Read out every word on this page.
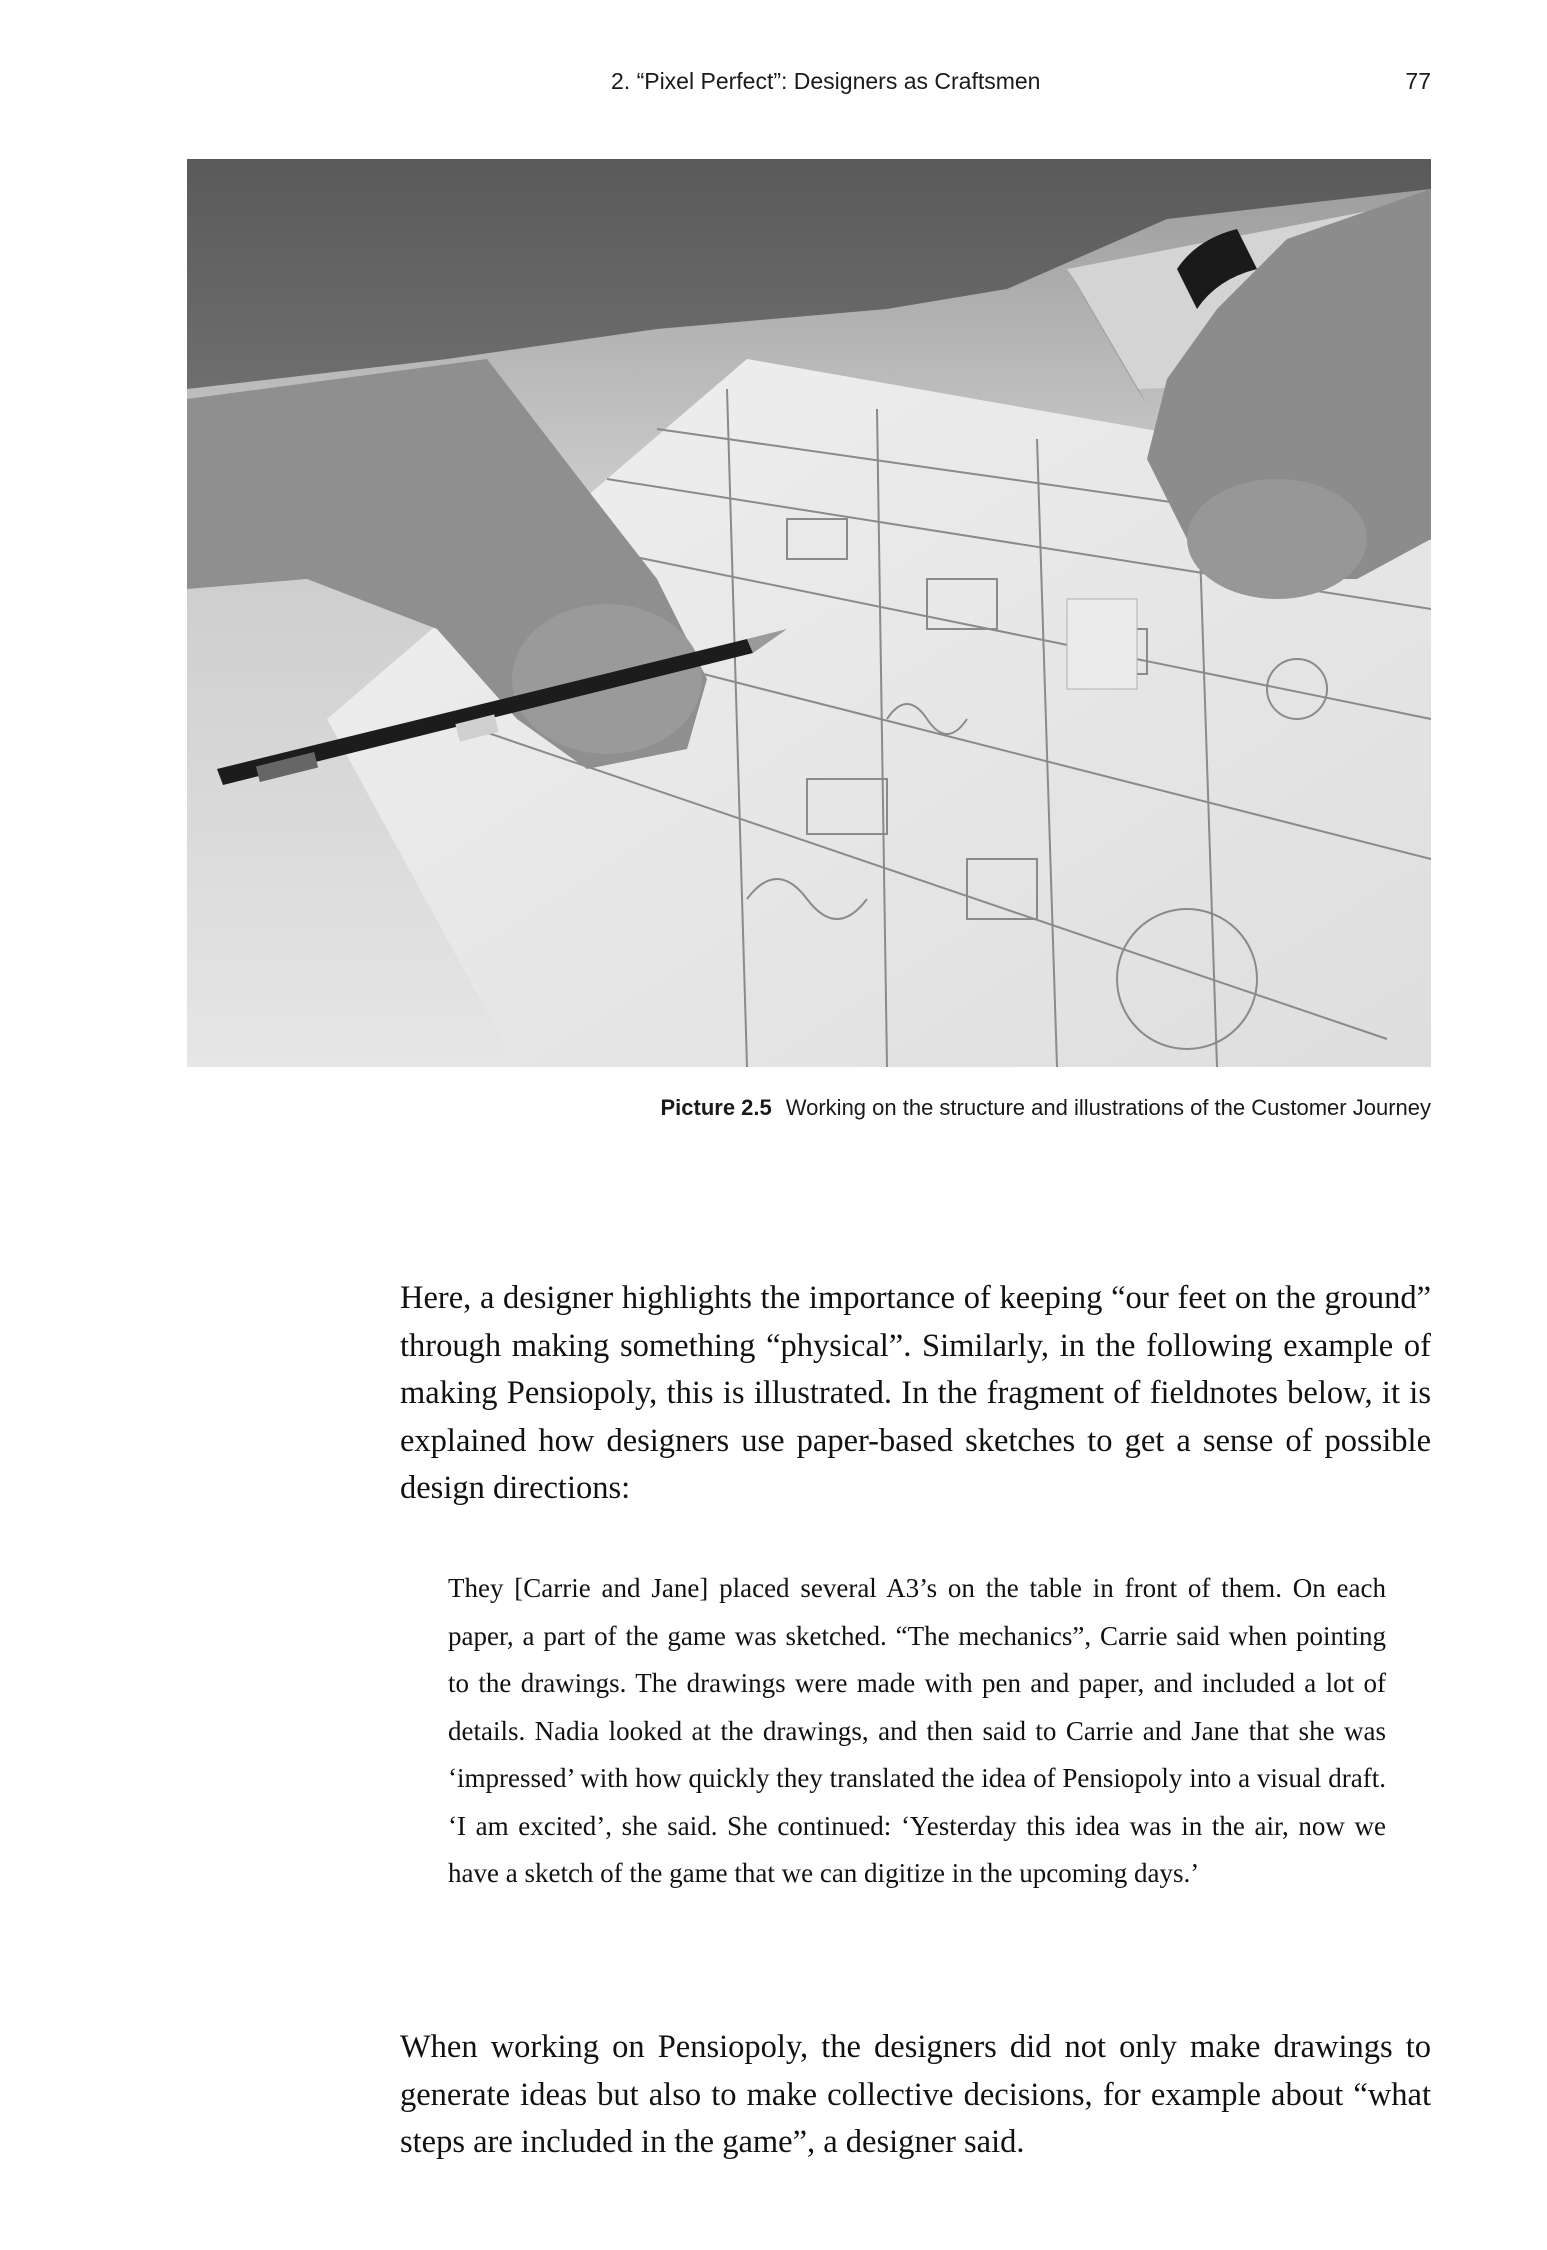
2. “Pixel Perfect”: Designers as Craftsmen	77
Picture 2.5 Working on the structure and illustrations of the Customer Journey

Here, a designer highlights the importance of keeping “our feet on the ground” through making something “physical”. Similarly, in the following example of making Pensiopoly, this is illustrated. In the fragment of fieldnotes below, it is explained how designers use paper-based sketches to get a sense of possible design directions:

They [Carrie and Jane] placed several A3’s on the table in front of them. On each paper, a part of the game was sketched. “The mechanics”, Carrie said when pointing to the drawings. The drawings were made with pen and paper, and included a lot of details. Nadia looked at the drawings, and then said to Carrie and Jane that she was ‘impressed’ with how quickly they translated the idea of Pensiopoly into a visual draft. ‘I am excited’, she said. She continued: ‘Yesterday this idea was in the air, now we have a sketch of the game that we can digitize in the upcoming days.’

When working on Pensiopoly, the designers did not only make drawings to generate ideas but also to make collective decisions, for example about “what steps are included in the game”, a designer said.
